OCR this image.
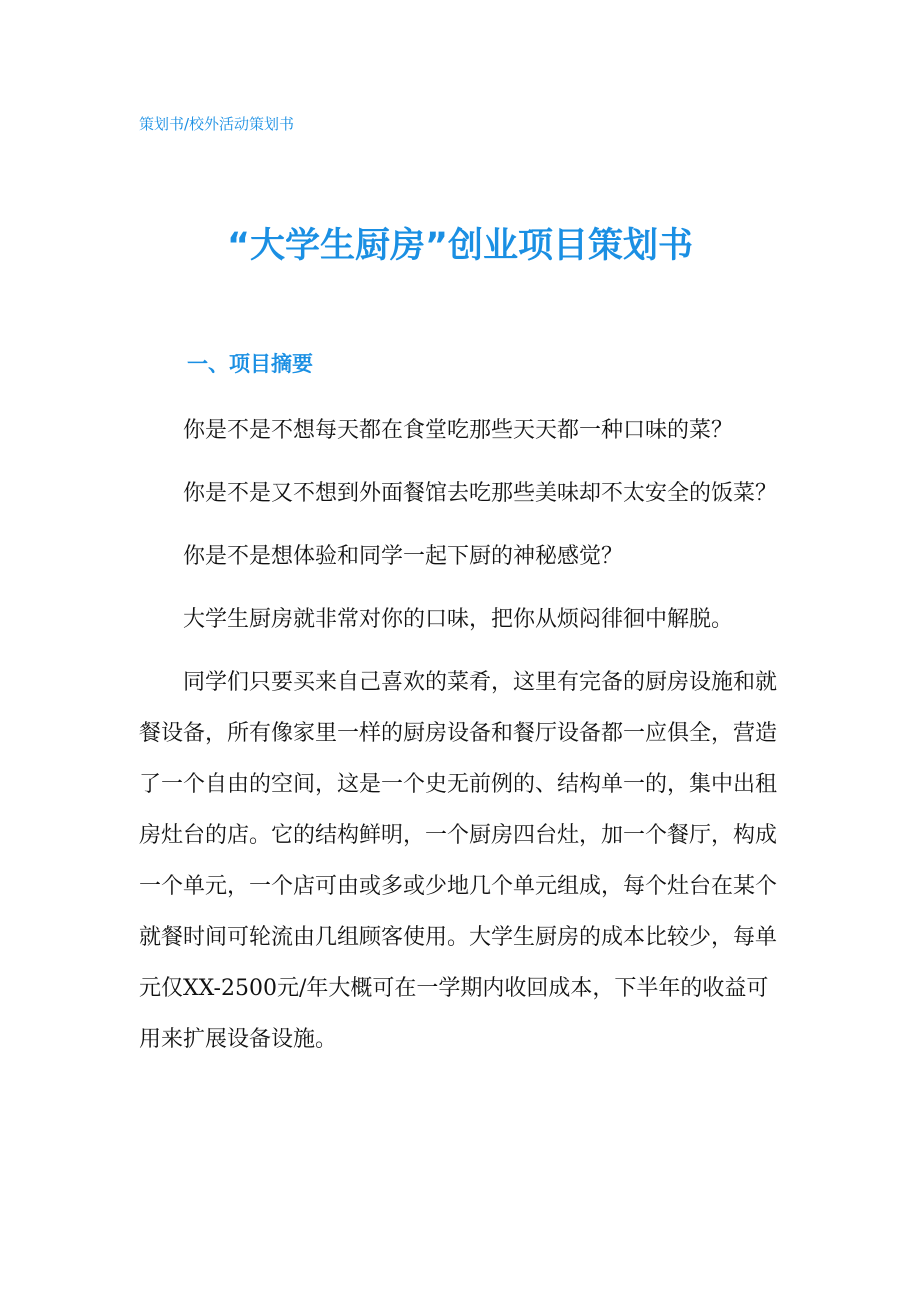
策划书/校外活动策划书
“大学生厨房”创业项目策划书
一、项目摘要

你是不是不想每天都在食堂吃那些天天都一种口味的菜？

你是不是又不想到外面餐馆去吃那些美味却不太安全的饭菜？

你是不是想体验和同学一起下厨的神秘感觉？

大学生厨房就非常对你的口味，把你从烦闷徘徊中解脱。

同学们只要买来自己喜欢的菜肴，这里有完备的厨房设施和就餐设备，所有像家里一样的厨房设备和餐厅设备都一应俱全，营造了一个自由的空间，这是一个史无前例的、结构单一的，集中出租房灶台的店。它的结构鲜明，一个厨房四台灶，加一个餐厅，构成一个单元，一个店可由或多或少地几个单元组成，每个灶台在某个就餐时间可轮流由几组顾客使用。大学生厨房的成本比较少，每单元仅XX-2500元/年大概可在一学期内收回成本，下半年的收益可用来扩展设备设施。
